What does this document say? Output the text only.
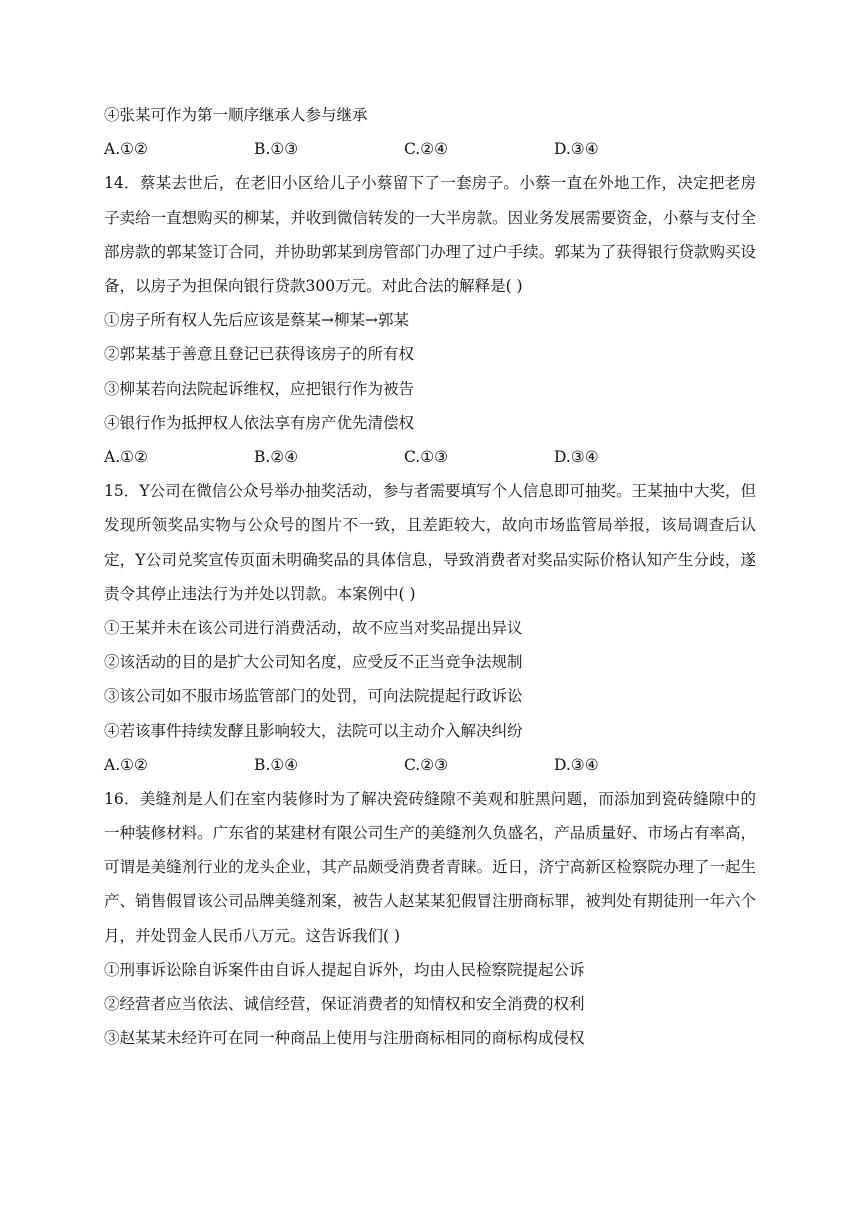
④张某可作为第一顺序继承人参与继承
A.①②	B.①③	C.②④	D.③④
14．蔡某去世后，在老旧小区给儿子小蔡留下了一套房子。小蔡一直在外地工作，决定把老房子卖给一直想购买的柳某，并收到微信转发的一大半房款。因业务发展需要资金，小蔡与支付全部房款的郭某签订合同，并协助郭某到房管部门办理了过户手续。郭某为了获得银行贷款购买设备，以房子为担保向银行贷款300万元。对此合法的解释是( )
①房子所有权人先后应该是蔡某→柳某→郭某
②郭某基于善意且登记已获得该房子的所有权
③柳某若向法院起诉维权，应把银行作为被告
④银行作为抵押权人依法享有房产优先清偿权
A.①②	B.②④	C.①③	D.③④
15．Y公司在微信公众号举办抽奖活动，参与者需要填写个人信息即可抽奖。王某抽中大奖，但发现所领奖品实物与公众号的图片不一致，且差距较大，故向市场监管局举报，该局调查后认定，Y公司兑奖宣传页面未明确奖品的具体信息，导致消费者对奖品实际价格认知产生分歧，遂责令其停止违法行为并处以罚款。本案例中( )
①王某并未在该公司进行消费活动，故不应当对奖品提出异议
②该活动的目的是扩大公司知名度，应受反不正当竞争法规制
③该公司如不服市场监管部门的处罚，可向法院提起行政诉讼
④若该事件持续发酵且影响较大，法院可以主动介入解决纠纷
A.①②	B.①④	C.②③	D.③④
16．美缝剂是人们在室内装修时为了解决瓷砖缝隙不美观和脏黑问题，而添加到瓷砖缝隙中的一种装修材料。广东省的某建材有限公司生产的美缝剂久负盛名，产品质量好、市场占有率高，可谓是美缝剂行业的龙头企业，其产品颇受消费者青睐。近日，济宁高新区检察院办理了一起生产、销售假冒该公司品牌美缝剂案，被告人赵某某犯假冒注册商标罪，被判处有期徒刑一年六个月，并处罚金人民币八万元。这告诉我们( )
①刑事诉讼除自诉案件由自诉人提起自诉外，均由人民检察院提起公诉
②经营者应当依法、诚信经营，保证消费者的知情权和安全消费的权利
③赵某某未经许可在同一种商品上使用与注册商标相同的商标构成侵权
